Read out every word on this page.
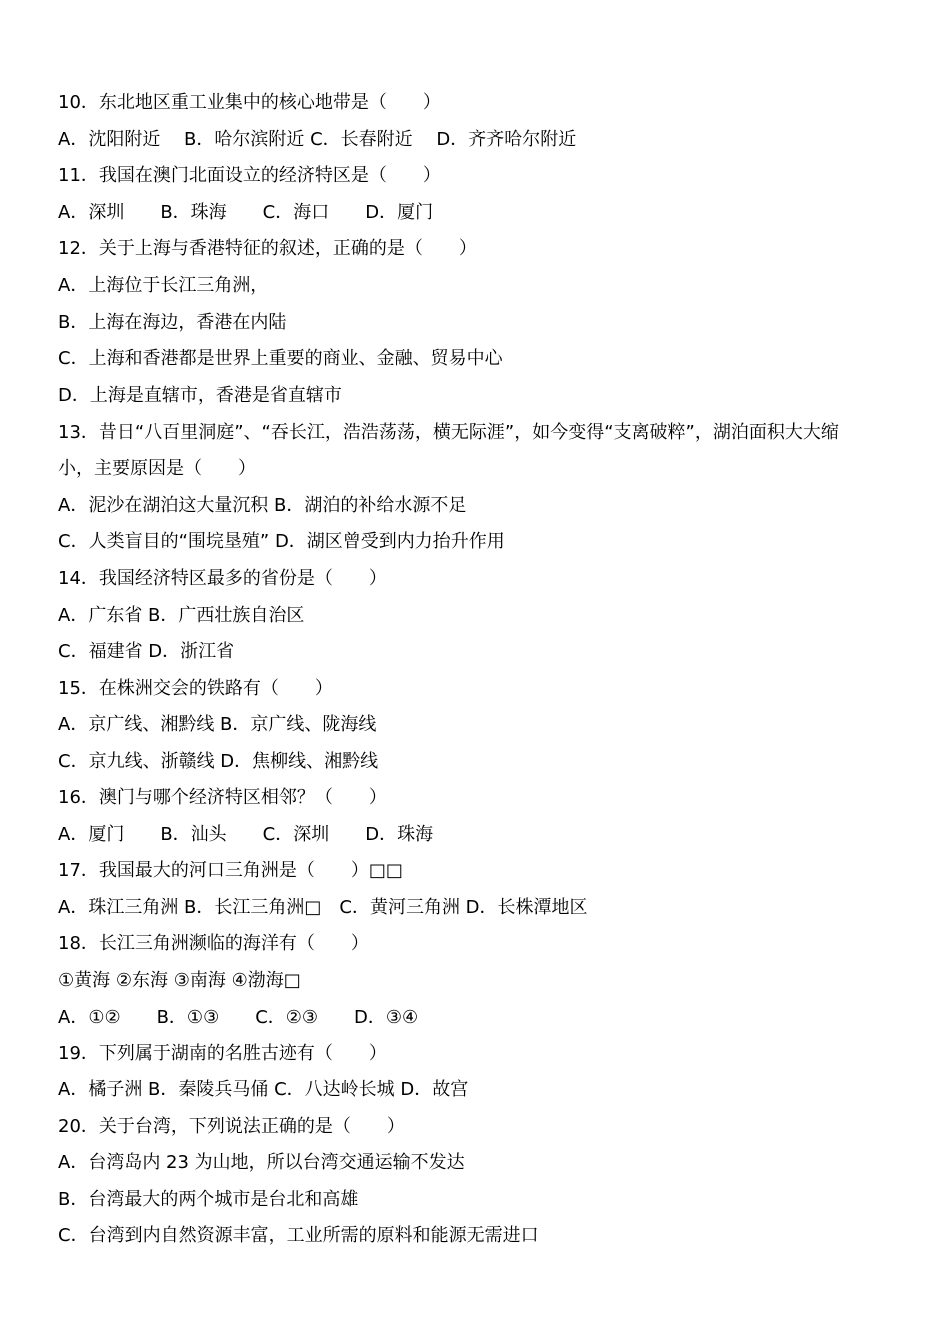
10．东北地区重工业集中的核心地带是（　　）
A．沈阳附近　 B．哈尔滨附近 C．长春附近　 D．齐齐哈尔附近
11．我国在澳门北面设立的经济特区是（　　）
A．深圳　　B．珠海　　C．海口　　D．厦门
12．关于上海与香港特征的叙述，正确的是（　　）
A．上海位于长江三角洲，
B．上海在海边，香港在内陆
C．上海和香港都是世界上重要的商业、金融、贸易中心
D．上海是直辖市，香港是省直辖市
13．昔日“八百里洞庭”、“吞长江，浩浩荡荡，横无际涯”，如今变得“支离破粹”，湖泊面积大大缩
小，主要原因是（　　）
A．泥沙在湖泊这大量沉积 B．湖泊的补给水源不足
C．人类盲目的“围垸垦殖” D．湖区曾受到内力抬升作用
14．我国经济特区最多的省份是（　　）
A．广东省 B．广西壮族自治区
C．福建省 D．浙江省
15．在株洲交会的铁路有（　　）
A．京广线、湘黔线 B．京广线、陇海线
C．京九线、浙赣线 D．焦柳线、湘黔线
16．澳门与哪个经济特区相邻？（　　）
A．厦门　　B．汕头　　C．深圳　　D．珠海
17．我国最大的河口三角洲是（　　）□□
A．珠江三角洲 B．长江三角洲□　C．黄河三角洲 D．长株潭地区
18．长江三角洲濒临的海洋有（　　）
①黄海 ②东海 ③南海 ④渤海□
A．①②　　B．①③　　C．②③　　D．③④
19．下列属于湖南的名胜古迹有（　　）
A．橘子洲 B．秦陵兵马俑 C．八达岭长城 D．故宫
20．关于台湾，下列说法正确的是（　　）
A．台湾岛内 23 为山地，所以台湾交通运输不发达
B．台湾最大的两个城市是台北和高雄
C．台湾到内自然资源丰富，工业所需的原料和能源无需进口
